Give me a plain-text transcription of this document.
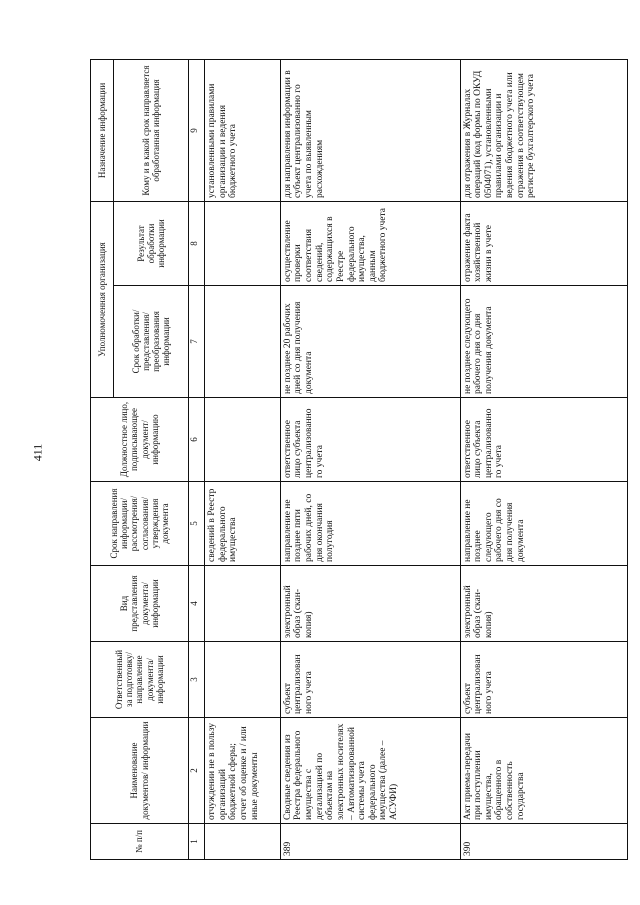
411
№ п/п	Наименование документов/ информации	Ответственный за подготовку/ направление документа/ информации	Вид представления документа/ информации	Срок направления информации/ рассмотрения/ согласования/ утверждения документа	Должностное лицо, подписывающее документ/ информацию	Уполномоченная организация		Назначение информации
						Срок обработки/ представления/ преобразования информации	Результат обработки информации	Кому и в какой срок направляется обработанная информация
1	2	3	4	5	6	7	8	9
	отчуждении не в пользу организаций бюджетной сферы; отчет об оценке и / или иные документы			сведений в Реестр федерального имущества				установленными правилами организации и ведения бюджетного учета
389	Сводные сведения из Реестра федерального имущества с детализацией по объектам на электронных носителях – Автоматизированной системы учета федерального имущества (далее – АСУФИ)	субъект централизован ного учета	электронный образ (скан-копия)	направление не позднее пяти рабочих дней, со дня окончания полугодия	ответственное лицо субъекта централизованно го учета	не позднее 20 рабочих дней со дня получения документа	осуществление проверки соответствия сведений, содержащихся в Реестре федерального имущества, данным бюджетного учета	для направления информации в субъект централизованно го учета по выявленным расхождениям
390	Акт приема-передачи при поступлении имущества, обращенного в собственность государства	субъект централизован ного учета	электронный образ (скан-копия)	направление не позднее следующего рабочего дня со дня получения документа	ответственное лицо субъекта централизованно го учета	не позднее следующего рабочего дня со дня получения документа	отражение факта хозяйственной жизни в учете	для отражения в Журналах операций (код формы по ОКУД 0504071), установленными правилами организации и ведения бюджетного учета или отражения в соответствующем регистре бухгалтерского учета
